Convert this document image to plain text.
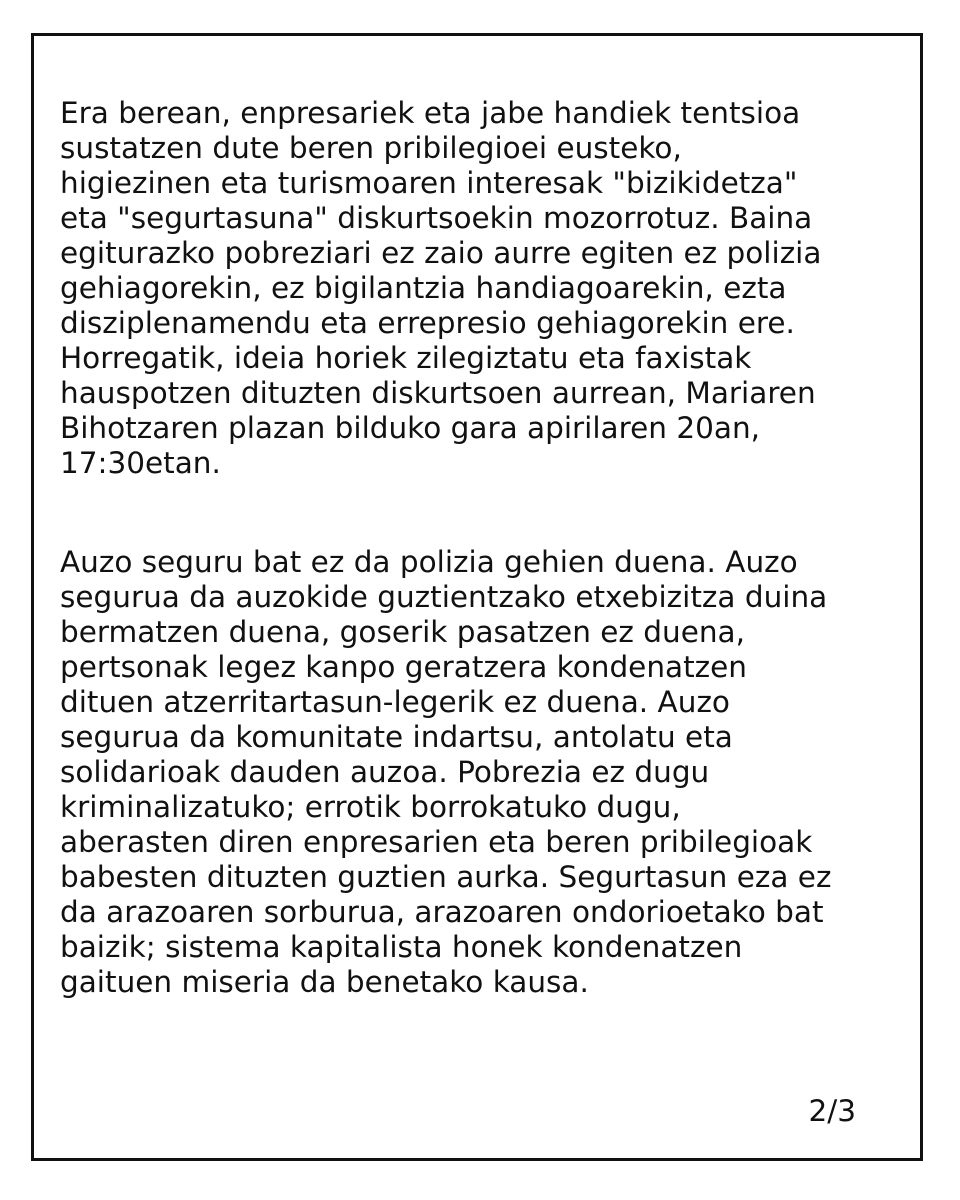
Era berean, enpresariek eta jabe handiek tentsioa
sustatzen dute beren pribilegioei eusteko,
higiezinen eta turismoaren interesak "bizikidetza"
eta "segurtasuna" diskurtsoekin mozorrotuz. Baina
egiturazko pobreziari ez zaio aurre egiten ez polizia
gehiagorekin, ez bigilantzia handiagoarekin, ezta
disziplenamendu eta errepresio gehiagorekin ere.
Horregatik, ideia horiek zilegiztatu eta faxistak
hauspotzen dituzten diskurtsoen aurrean, Mariaren
Bihotzaren plazan bilduko gara apirilaren 20an,
17:30etan.
Auzo seguru bat ez da polizia gehien duena. Auzo
segurua da auzokide guztientzako etxebizitza duina
bermatzen duena, goserik pasatzen ez duena,
pertsonak legez kanpo geratzera kondenatzen
dituen atzerritartasun-legerik ez duena. Auzo
segurua da komunitate indartsu, antolatu eta
solidarioak dauden auzoa. Pobrezia ez dugu
kriminalizatuko; errotik borrokatuko dugu,
aberasten diren enpresarien eta beren pribilegioak
babesten dituzten guztien aurka. Segurtasun eza ez
da arazoaren sorburua, arazoaren ondorioetako bat
baizik; sistema kapitalista honek kondenatzen
gaituen miseria da benetako kausa.
2/3
